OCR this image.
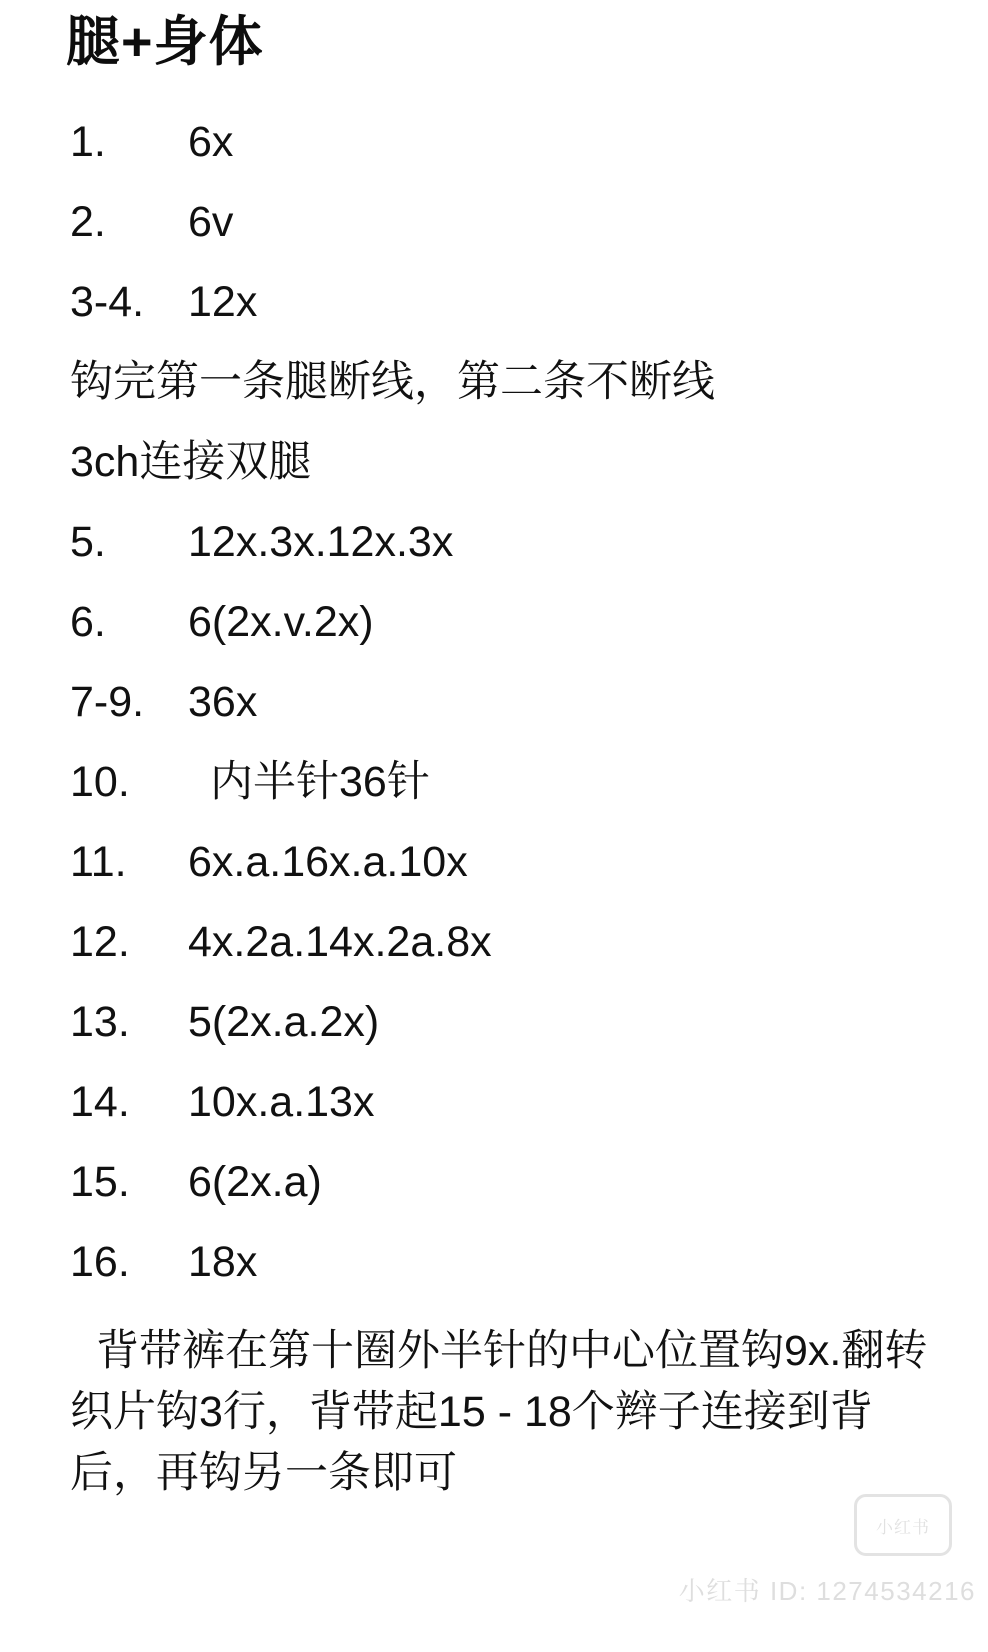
腿+身体
1.	6x
2.	6v
3-4.	12x
钩完第一条腿断线，第二条不断线
3ch连接双腿
5.	12x.3x.12x.3x
6.	6(2x.v.2x)
7-9.	36x
10.	内半针36针
11.	6x.a.16x.a.10x
12.	4x.2a.14x.2a.8x
13.	5(2x.a.2x)
14.	10x.a.13x
15.	6(2x.a)
16.	18x
背带裤在第十圈外半针的中心位置钩9x.翻转织片钩3行，背带起15 - 18个辫子连接到背后，再钩另一条即可
小红书
小红书 ID: 1274534216
